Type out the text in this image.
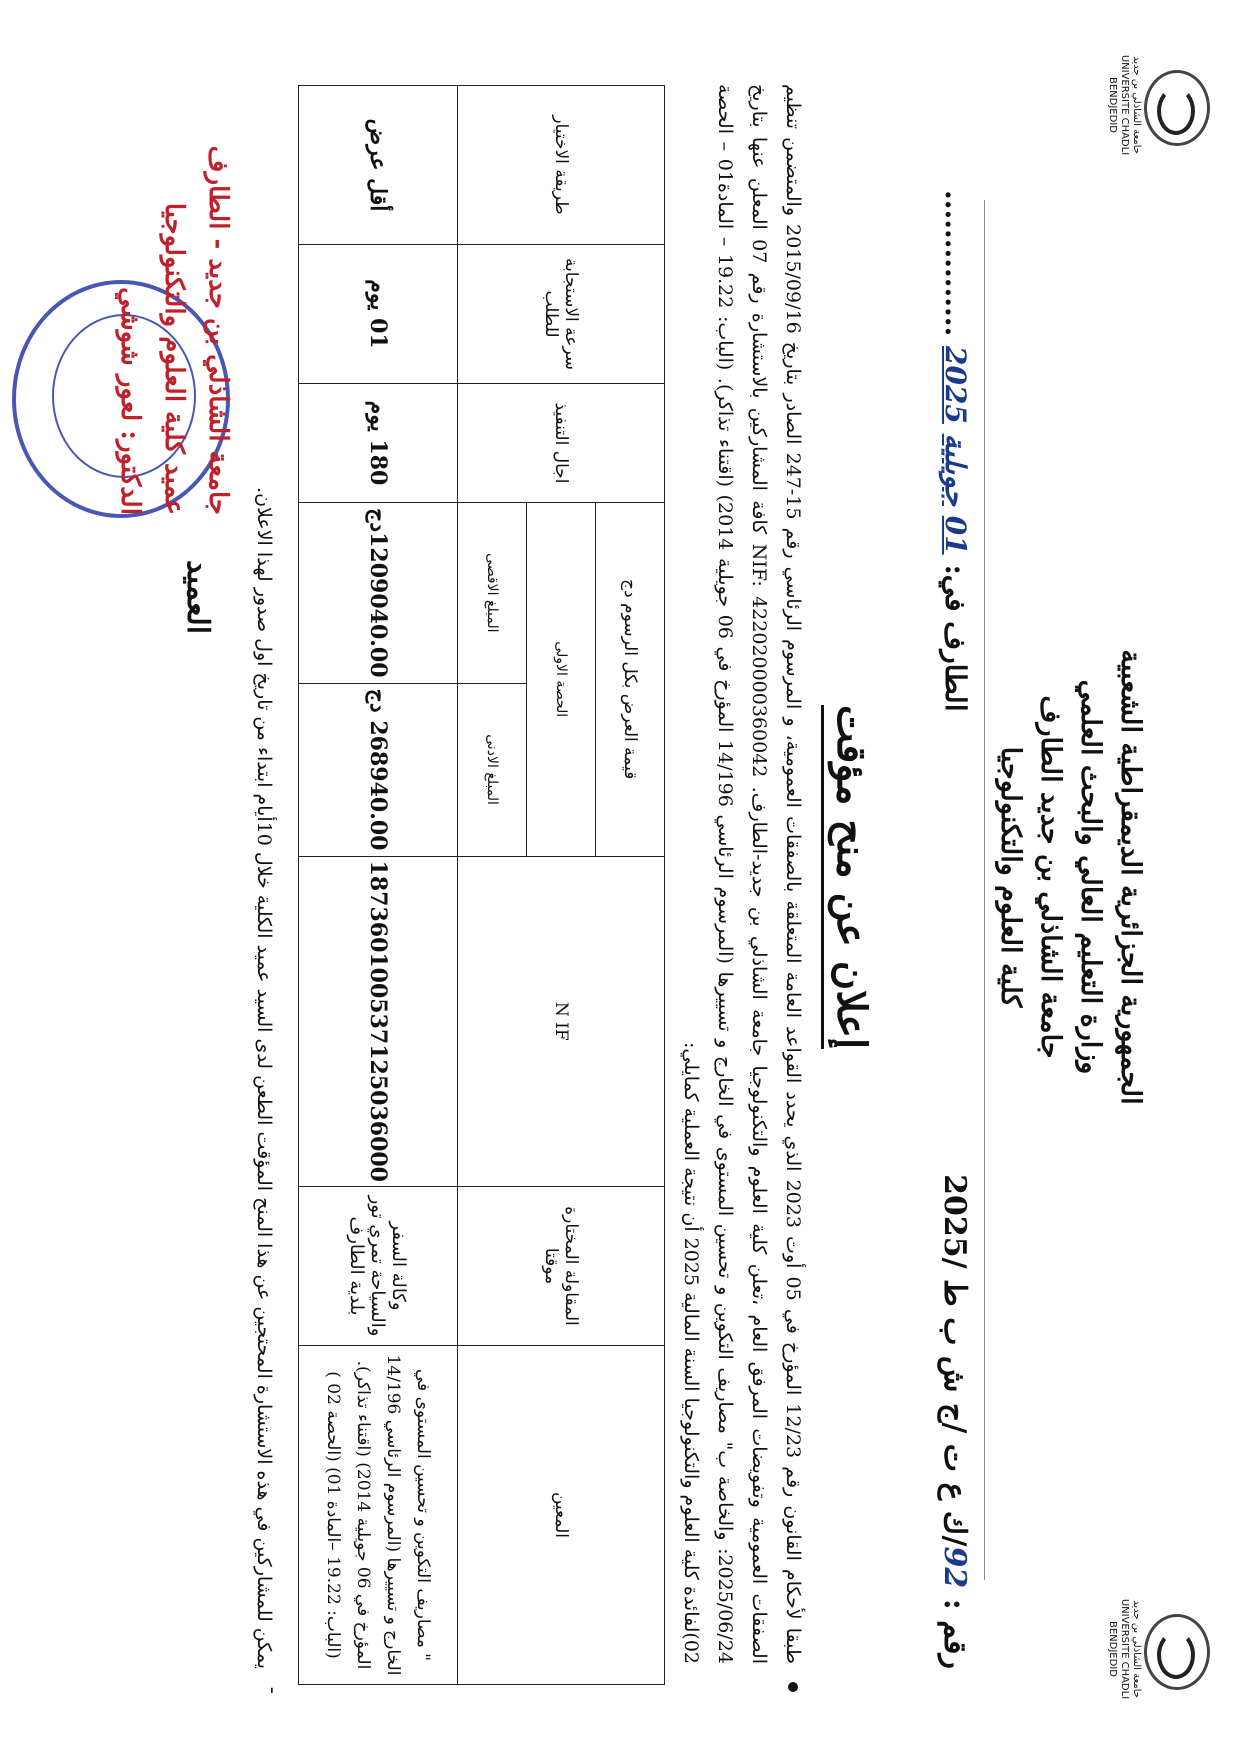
جامعة الشاذلي بن جديد
UNIVERSITE CHADLI BENDJEDID
جامعة الشاذلي بن جديد
UNIVERSITE CHADLI BENDJEDID
الجمهورية الجزائرية الديمقراطية الشعبية
وزارة التعليم العالي والبحث العلمي
جامعة الشاذلي بن جديد الطارف
كلية العلوم والتكنولوجيا
رقم : 92/ك ع ت /ج ش ب ط /2025
الطارف في: 01 جويلية 2025 ...............
إعلان عن منح مؤقت
طبقا لأحكام القانون رقم 12/23 المؤرخ في 05 أوت 2023 الذي يحدد القواعد العامة المتعلقة بالصفقات العمومية، و المرسوم الرئاسي رقم 15-247 الصادر بتاريخ 2015/09/16 والمتضمن تنظيم الصفقات العمومية وتفويضات المرفق العام ،تعلن كلية العلوم والتكنولوجيا جامعة الشاذلي بن جديد-الطارف. NIF: 422020000360042 كافة المشاركين بالاستشارة رقم 07 المعلن عنها بتاريخ 2025/06/24: والخاصة ب" مصاريف التكوين و تحسين المستوى في الخارج و تسييرها (المرسوم الرئاسي 14/196 المؤرخ في 06 جويلية 2014) (اقتناء تذاكر). (الباب: 19.22 – المادة01 – الحصة 02)لفائدة كلية العلوم والتكنولوجيا السنة المالية 2025 أن نتيجة العملية كمايلي:
المعين	المقاولة المختارة موقتا	N IF	قيمة العرض بكل الرسوم دج		اجال التنفيذ	سرعة الاستجابة للطلب	طريقة الاختيار
			الحصة الاولى				
			المبلغ الادنى	المبلغ الاقصى			
" مصاريف التكوين و تحسين المستوى في الخارج و تسييرها (المرسوم الرئاسي 14/196 المؤرخ في 06 جويلية 2014) (اقتناء تذاكر). (الباب: 19.22 –المادة 01) (الحصة 02 )	وكالة السفر والسياحة تمري تور بلدية الطارف	187360100537125036000	268940.00 دج	1209040.00دج	180 يوم	01 يوم	أقل عرض
-
يمكن للمشاركين في هذه الاستشارة المحتجين عن هذا المنح المؤقت الطعن لدى السيد عميد الكلية خلال 10أيام ابتداء من تاريخ اول صدور لهذا الاعلان.
العميد
جامعة الشاذلي بن جديد - الطارف
عميد كلية العلوم والتكنولوجيا
الدكتور: لعور شوشي
